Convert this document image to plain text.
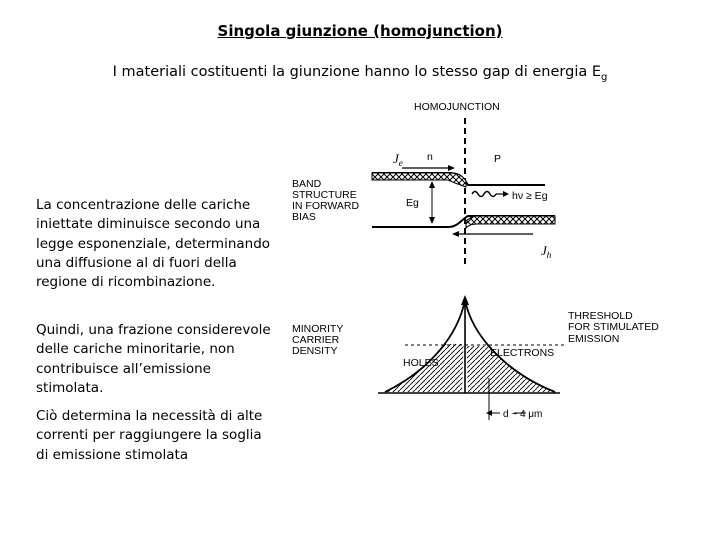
Singola giunzione (homojunction)
I materiali costituenti la giunzione hanno lo stesso gap di energia $E_g$
La concentrazione delle cariche iniettate diminuisce secondo una legge esponenziale, determinando una diffusione al di fuori della regione di ricombinazione.
Quindi, una frazione considerevole delle cariche minoritarie, non contribuisce all’emissione stimolata.
Ciò determina la necessità di alte correnti per raggiungere la soglia di emissione stimolata
HOMOJUNCTION
BAND
STRUCTURE
IN FORWARD
BIAS
$J_e$ n	P
Eg
hν ≥ Eg
$J_h$
MINORITY
CARRIER
DENSITY
THRESHOLD
FOR STIMULATED
EMISSION
HOLES
ELECTRONS
d ~ 4 μm
